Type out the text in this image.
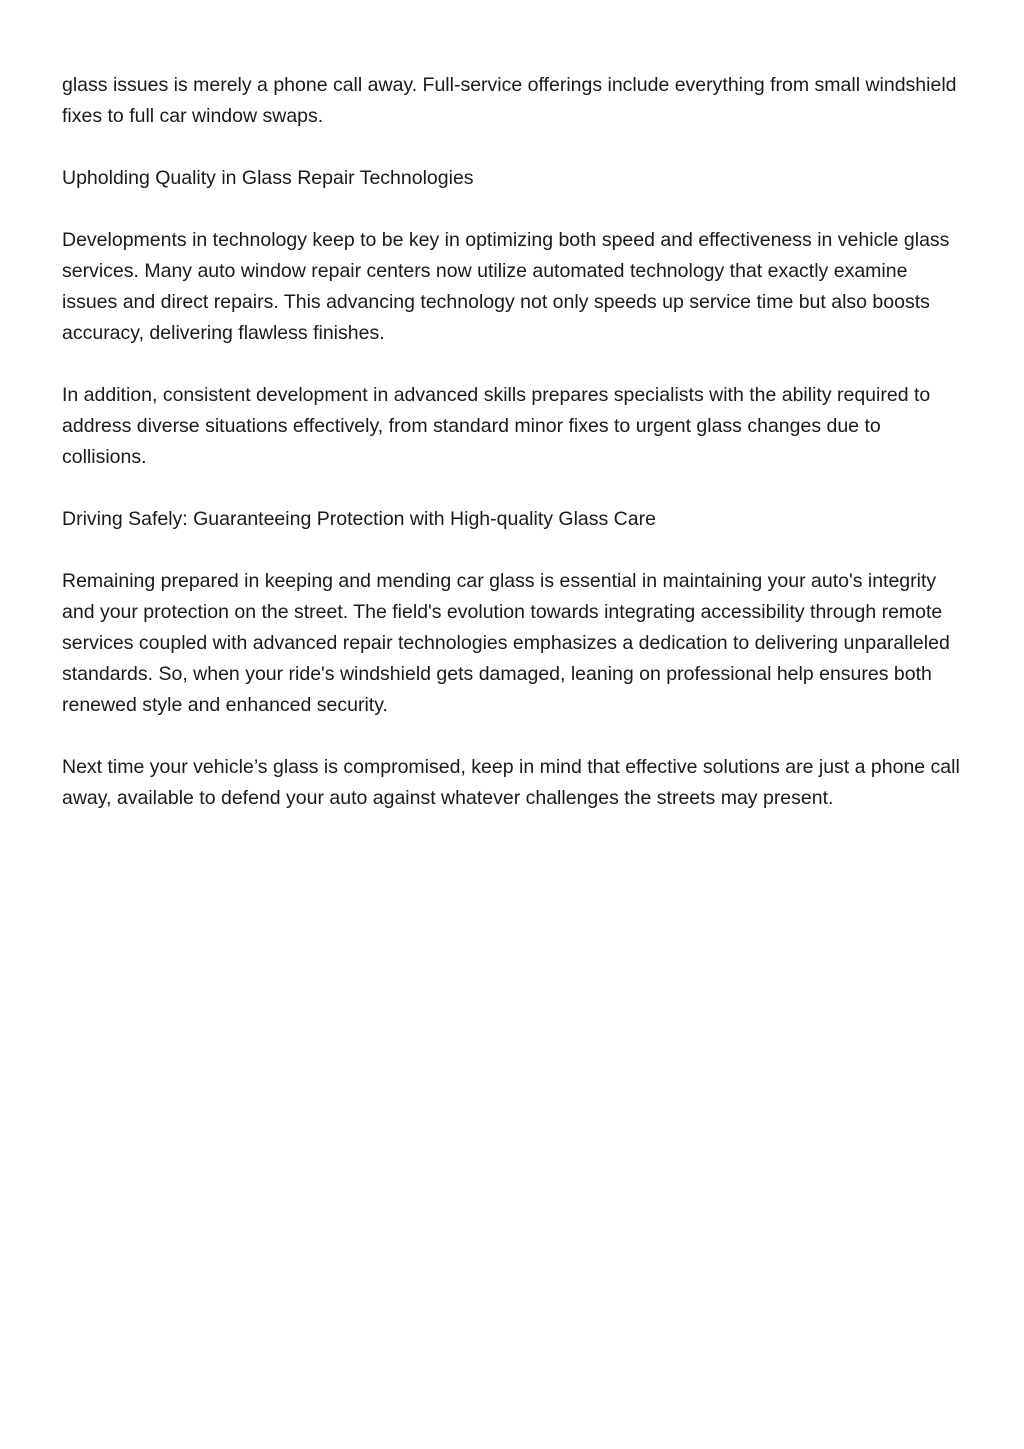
glass issues is merely a phone call away. Full-service offerings include everything from small windshield fixes to full car window swaps.

Upholding Quality in Glass Repair Technologies

Developments in technology keep to be key in optimizing both speed and effectiveness in vehicle glass services. Many auto window repair centers now utilize automated technology that exactly examine issues and direct repairs. This advancing technology not only speeds up service time but also boosts accuracy, delivering flawless finishes.

In addition, consistent development in advanced skills prepares specialists with the ability required to address diverse situations effectively, from standard minor fixes to urgent glass changes due to collisions.

Driving Safely: Guaranteeing Protection with High-quality Glass Care

Remaining prepared in keeping and mending car glass is essential in maintaining your auto's integrity and your protection on the street. The field's evolution towards integrating accessibility through remote services coupled with advanced repair technologies emphasizes a dedication to delivering unparalleled standards. So, when your ride's windshield gets damaged, leaning on professional help ensures both renewed style and enhanced security.

Next time your vehicle’s glass is compromised, keep in mind that effective solutions are just a phone call away, available to defend your auto against whatever challenges the streets may present.
